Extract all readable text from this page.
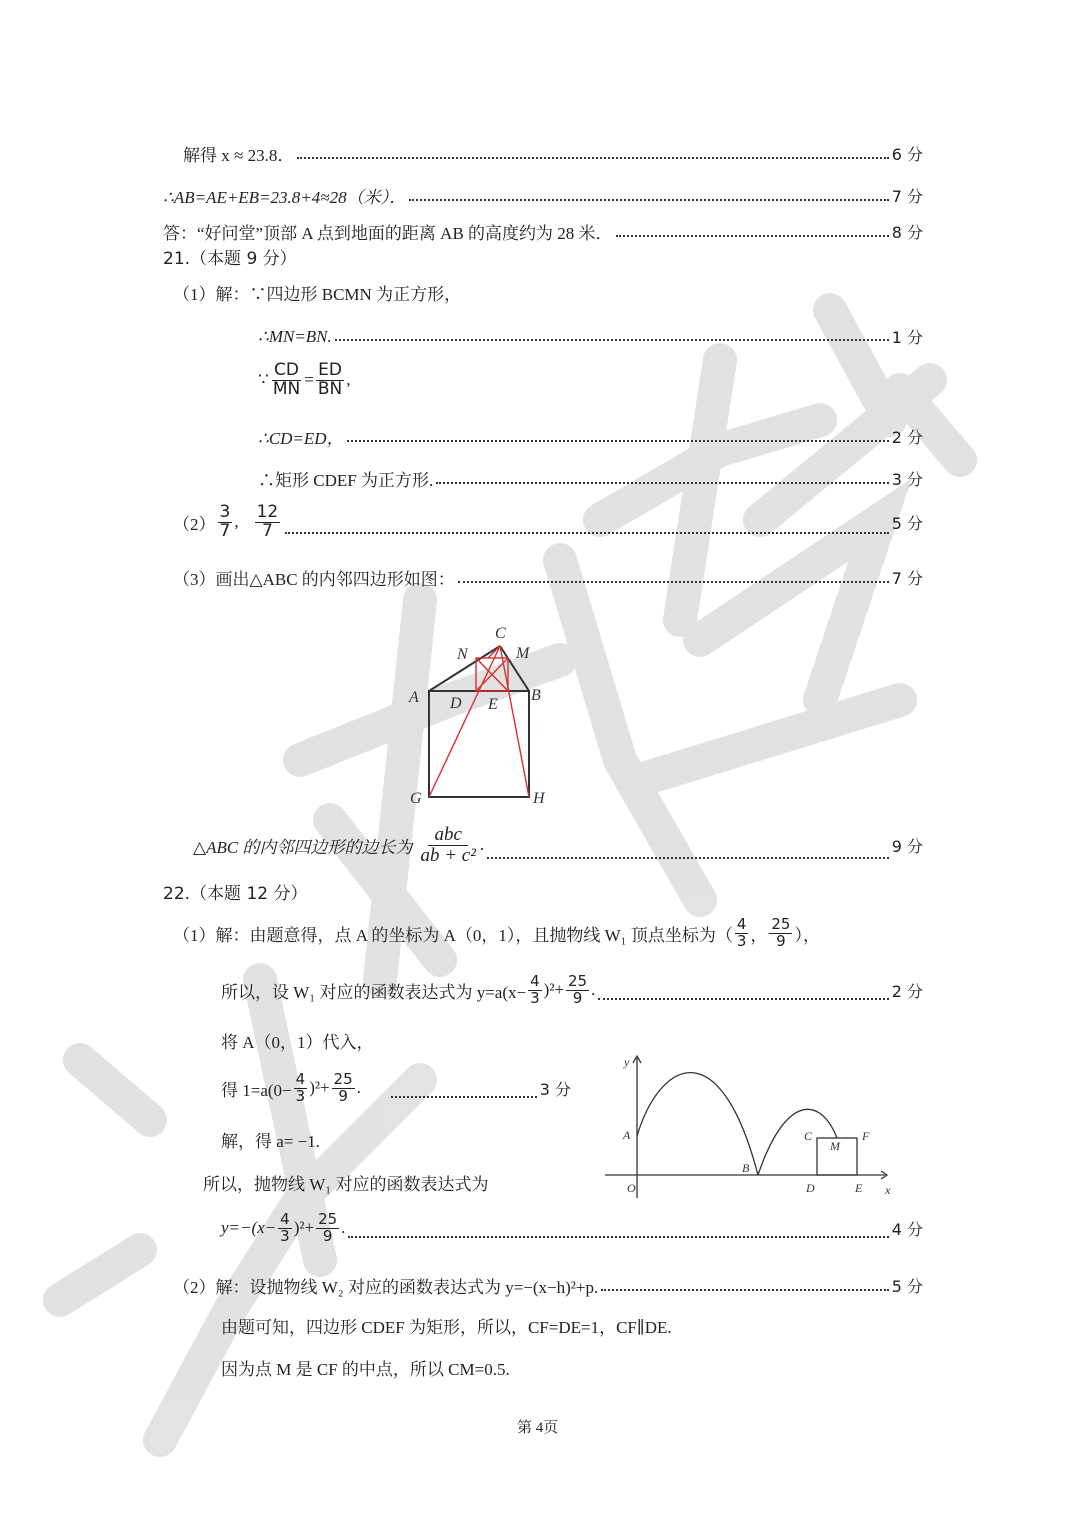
解得 x ≈ 23.8．	6 分
∴AB=AE+EB=23.8+4≈28（米）．	7 分
答：“好问堂”顶部 A 点到地面的距离 AB 的高度约为 28 米．	8 分
21.（本题 9 分）
（1）解：∵四边形 BCMN 为正方形，
∴MN=BN.	1 分
∵ $\frac{CD}{MN} = \frac{ED}{BN}$ ,
∴CD=ED，	2 分
∴矩形 CDEF 为正方形.	3 分
$(2) \frac{3}{7}$ , $\frac{12}{7}$	5 分
（3）画出△ABC 的内邻四边形如图：	7 分
C
N	M
A D E
B
G	H
△ABC 的内邻四边形的边长为 $\frac{\text{abc}}{\text{ab + c²}}$ .	9 分
22.（本题 12 分）
（1）解：由题意得，点 A 的坐标为 A（0，1），且抛物线 W₁ 顶点坐标为（ $\frac{4}{3}$ ， $\frac{25}{9}$ ），
所以，设 W₁ 对应的函数表达式为 $y=a(x- \frac{4}{3} )^2+ \frac{25}{9}$ .	2 分
将 A（0，1）代入，
得 $1=a(0- \frac{4}{3} )^2+ \frac{25}{9}$ .	3 分
解，得 a= −1.
所以，抛物线 W₁ 对应的函数表达式为
$y=-(x- \frac{4}{3} )^2+ \frac{25}{9}$ .	4 分
y
A	C	F
M
B
O	D	E x
（2）解：设抛物线 W₂ 对应的函数表达式为 y=−(x−h)²+p.	5 分
由题可知，四边形 CDEF 为矩形，所以，CF=DE=1，CF∥DE.
因为点 M 是 CF 的中点，所以 CM=0.5.
第 4页
